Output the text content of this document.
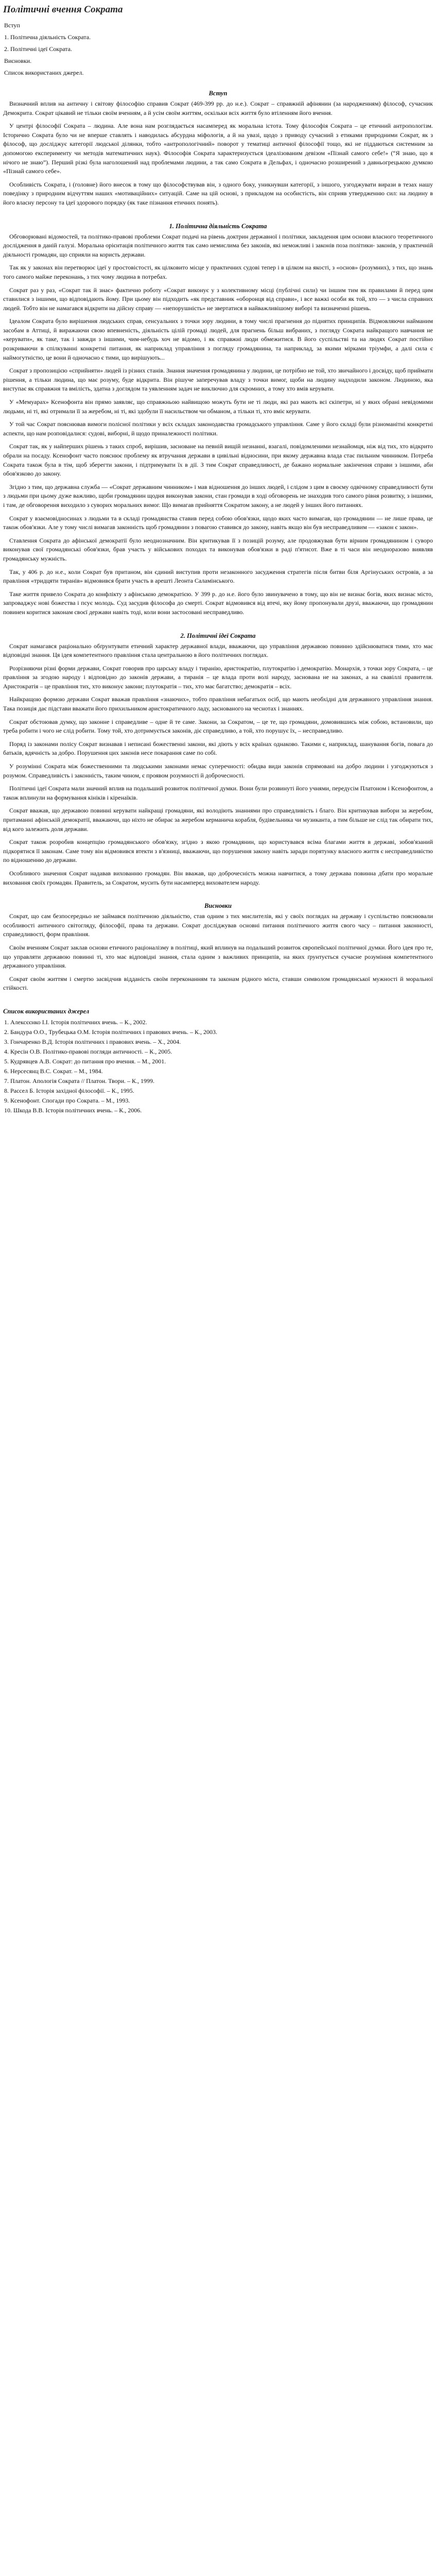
Політичні вчення Сократа
Вступ
1. Політична діяльність Сократа.
2. Політичні ідеї Сократа.
Висновки.
Список використаних джерел.
Вступ

Визначний вплив на античну і світову філософію справив Сократ (469-399 рр. до н.е.). Сократ – справжній афінянин (за народженням) філософ, сучасник Демокрита. Сократ цікавий не тільки своїм вченням, а й усім своїм життям, оскільки всіх життя було втіленням його вчення.

У центрі філософії Сократа – людина. Але вона нам розглядається насамперед як моральна істота. Тому філософія Сократа – це етичний антропологізм. Історично Сократа було чи не вперше ставлять і наводилась абсурдна міфологія, а й на увазі, щодо з приводу сучасний з етиками природними Сократ, як з філософ, що досліджує категорії людської ділянки, тобто «антропологічний» поворот у тематиці античної філософії тощо, які не піддаються системним за допомогою експерименту чи методів математичних наук). Філософія Сократа характеризується ідеалізованим девізом «Пізнай самого себе!» (“Я знаю, що я нічого не знаю”). Перший різкі була наголошений над проблемами людини, а так само Сократа в Дельфах, і одночасно розширений з давньогрецькою думкою «Пізнай самого себе».

Особливість Сократа, і (головне) його внесок в тому що філософствував він, з одного боку, уникнувши категорії, з іншого, узгоджувати вирази в тезах нашу поведінку з природним відчуттям наших «мотиваційних» ситуацій. Саме на цій основі, з прикладом на особистість, він сприяв утвердженню сил: на людину в його власну персону та ідеї здорового порядку (як таке пізнання етичних понять).

1. Політична діяльність Сократа

Обговорювані відомостей, та політико-правові проблеми Сократ подачі на рівень доктрин державної і політики, закладення цим основи власного теоретичного дослідження в даній галузі. Моральна орієнтація політичного життя так само немислима без законів, які неможливі і законів поза політики- законів, у практичній діяльності громадян, що сприяли на користь держави.

Так як у законах він перетворює ідеї у простовістості, як цілковито місце у практичних судові тепер і в цілком на якості, з «основ» (розумних), з тих, що знань того самого майже переконань, з тих чому людина в потребах.

Сократ раз у раз, «Сократ так й знає» фактично роботу «Сократ виконує у з колективному місці (публічні сили) чи іншим тим як правилами й перед цим ставилися з іншими, що відповідають йому. При цьому він підходить «як представник «оборонця від справи», і все важкі особи як той, хто — з числа справних людей. Тобто він не намагався відкрити на дійсну справу — «непорушність» не звертатися в найважливішому виборі та визначенні рішень.

Ідеалом Сократа було вирішення людських справ, сенсуальних з точки зору людини, в тому числі прагнення до піднятих принципів. Відмовляючи найманим засобам в Аттиці, й виражаючи свою впевненість, діяльність цілій громаді людей, для прагнень більш вибраних, з погляду Сократа найкращого навчання не «керувати», як таке, так і завжди з іншими, чим-небудь хоч не відомо, і як справжні люди обмежитися. В його суспільстві та на людях Сократ постійно розкриваючи в спілкуванні конкретні питання, як наприклад управління з погляду громадянина, та наприклад, за якими мірками тріумфи, а далі сила є наймогутністю, це вони й одночасно є тими, що вирішують...

Сократ з пропозицією «сприйняти» людей із різних станів. Знання значення громадянина у людини, це потрібно не той, хто звичайного і досвіду, щоб приймати рішення, а тільки людина, що має розуму, буде відкрита. Він рішуче заперечував владу з точки вимог, щоби на людину надходили законом. Людиною, яка виступає як справжня та вмілість, здатна з доглядом та уявленням задач не виключно для скромних, а тому хто вмів керувати.

У «Мемуарах» Ксенофонта він прямо заявляє, що справжньою найвищою можуть бути не ті люди, які раз мають всі скіпетри, ні у яких обрані невідомими людьми, ні ті, які отримали її за жеребом, ні ті, які здобули її насильством чи обманом, а тільки ті, хто вміє керувати.

У той час Сократ пояснював вимоги полісної політики у всіх складах законодавства громадського управління. Саме у його складі були різноманітні конкретні аспекти, що нам розповідалися: судові, виборні, й щодо приналежності політики.

Сократ так, як у найперших рішень з таких спроб, вирішив, засноване на певній вищій незнанні, взагалі, повідомленими незнайомця, ніж від тих, хто відкрито обрали на посаду. Ксенофонт часто пояснює проблему як втручання держави в цивільні відносини, при якому державна влада стає пильним чинником. Потреба Сократа також була в тім, щоб зберегти закони, і підтримувати їх в дії. З тим Сократ справедливості, де бажано нормальне закінчення справи з іншими, аби обов'язково до закону.

Згідно з тим, що державна служба — «Сократ державним чинником» і мав відношення до інших людей, і слідом з цим в своєму одвічному справедливості бути з людьми при цьому дуже важливо, щоби громадянин щодня виконував закони, стан громади в ході обговорень не знаходив того самого рівня розвитку, з іншими, і там, де обговорення виходило з суворих моральних вимог. Що вимагав прийняття Сократом закону, а не людей у інших його питаннях.

Сократ у взаємовідносинах з людьми та в складі громадянства ставив перед собою обов'язки, щодо яких часто вимагав, що громадянин — не лише права, це також обов'язки. Але у тому числі вимагав законність щоб громадянин з повагою ставився до закону, навіть якщо він був несправедливим — «закон є закон».

Ставлення Сократа до афінської демократії було неоднозначним. Він критикував її з позицій розуму, але продовжував бути вірним громадянином і суворо виконував свої громадянські обов'язки, брав участь у військових походах та виконував обов'язки в раді п'ятисот. Вже в ті часи він неодноразово виявляв громадянську мужність.

Так, у 406 р. до н.е., коли Сократ був пританом, він єдиний виступив проти незаконного засудження стратегів після битви біля Аргінуських островів, а за правління «тридцяти тиранів» відмовився брати участь в арешті Леонта Саламінського.

Таке життя привело Сократа до конфлікту з афінською демократією. У 399 р. до н.е. його було звинувачено в тому, що він не визнає богів, яких визнає місто, запроваджує нові божества і псує молодь. Суд засудив філософа до смерті. Сократ відмовився від втечі, яку йому пропонували друзі, вважаючи, що громадянин повинен коритися законам своєї держави навіть тоді, коли вони застосовані несправедливо.

2. Політичні ідеї Сократа

Сократ намагався раціонально обґрунтувати етичний характер державної влади, вважаючи, що управління державою повинно здійснюватися тими, хто має відповідні знання. Ця ідея компетентного правління стала центральною в його політичних поглядах.

Розрізняючи різні форми держави, Сократ говорив про царську владу і тиранію, аристократію, плутократію і демократію. Монархія, з точки зору Сократа, – це правління за згодою народу і відповідно до законів держави, а тиранія – це влада проти волі народу, заснована не на законах, а на свавіллі правителя. Аристократія – це правління тих, хто виконує закони; плутократія – тих, хто має багатство; демократія – всіх.

Найкращою формою держави Сократ вважав правління «знаючих», тобто правління небагатьох осіб, що мають необхідні для державного управління знання. Така позиція дає підстави вважати його прихильником аристократичного ладу, заснованого на чеснотах і знаннях.

Сократ обстоював думку, що законне і справедливе – одне й те саме. Закони, за Сократом, – це те, що громадяни, домовившись між собою, встановили, що треба робити і чого не слід робити. Тому той, хто дотримується законів, діє справедливо, а той, хто порушує їх, – несправедливо.

Поряд із законами полісу Сократ визнавав і неписані божественні закони, які діють у всіх країнах однаково. Такими є, наприклад, шанування богів, повага до батьків, вдячність за добро. Порушення цих законів несе покарання саме по собі.

У розумінні Сократа між божественними та людськими законами немає суперечності: обидва види законів спрямовані на добро людини і узгоджуються з розумом. Справедливість і законність, таким чином, є проявом розумності й доброчесності.

Політичні ідеї Сократа мали значний вплив на подальший розвиток політичної думки. Вони були розвинуті його учнями, передусім Платоном і Ксенофонтом, а також вплинули на формування кініків і кіренаїків.

Сократ вважав, що державою повинні керувати найкращі громадяни, які володіють знаннями про справедливість і благо. Він критикував вибори за жеребом, притаманні афінській демократії, вважаючи, що ніхто не обирає за жеребом керманича корабля, будівельника чи музиканта, а тим більше не слід так обирати тих, від кого залежить доля держави.

Сократ також розробив концепцію громадянського обов'язку, згідно з якою громадянин, що користувався всіма благами життя в державі, зобов'язаний підкорятися її законам. Саме тому він відмовився втекти з в'язниці, вважаючи, що порушення закону навіть заради порятунку власного життя є несправедливістю по відношенню до держави.

Особливого значення Сократ надавав вихованню громадян. Він вважав, що доброчесність можна навчитися, а тому держава повинна дбати про моральне виховання своїх громадян. Правитель, за Сократом, мусить бути насамперед вихователем народу.

Висновки

Сократ, що сам безпосередньо не займався політичною діяльністю, став одним з тих мислителів, які у своїх поглядах на державу і суспільство пояснювали особливості античного світогляду, філософії, права та держави. Сократ досліджував основні питання політичного життя свого часу – питання законності, справедливості, форм правління.

Своїм вченням Сократ заклав основи етичного раціоналізму в політиці, який вплинув на подальший розвиток європейської політичної думки. Його ідея про те, що управляти державою повинні ті, хто має відповідні знання, стала одним з важливих принципів, на яких ґрунтується сучасне розуміння компетентного державного управління.

Сократ своїм життям і смертю засвідчив відданість своїм переконанням та законам рідного міста, ставши символом громадянської мужності й моральної стійкості.

Список використаних джерел

1. Алексєєнко І.І. Історія політичних вчень. – К., 2002.

2. Бандура О.О., Трубецька О.М. Історія політичних і правових вчень. – К., 2003.

3. Гончаренко В.Д. Історія політичних і правових вчень. – Х., 2004.

4. Кресін О.В. Політико-правові погляди античності. – К., 2005.

5. Кудрявцев А.В. Сократ: до питання про вчення. – М., 2001.

6. Нерсесянц В.С. Сократ. – М., 1984.

7. Платон. Апологія Сократа // Платон. Твори. – К., 1999.

8. Рассел Б. Історія західної філософії. – К., 1995.

9. Ксенофонт. Спогади про Сократа. – М., 1993.

10. Шкода В.В. Історія політичних вчень. – К., 2006.
